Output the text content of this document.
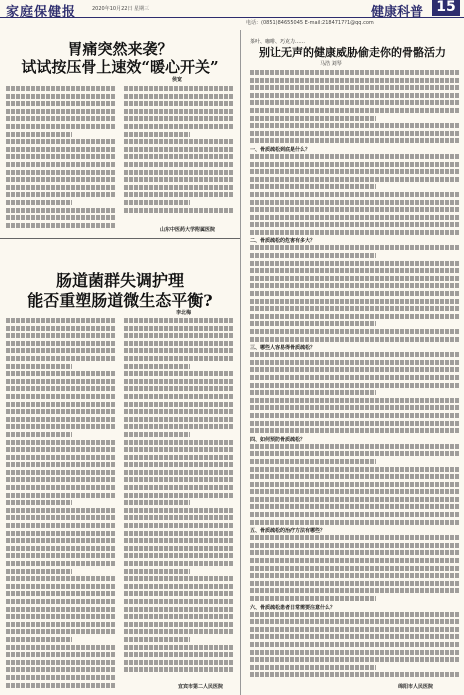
家庭保健报	2020年10月22日 星期三	健康科普 15
电话：(0851)84655045 E-mail:2184717?1@qq.com
胃痛突然来袭？
试试按压骨上速效“暖心开关”
侯宽
山东中医药大学附属医院
肠道菌群失调护理
能否重塑肠道微生态平衡?
李北梅
宜宾市第二人民医院
茶叶、咖啡、巧克力……
别让无声的健康威胁偷走你的骨骼活力
马浩 刘琴
一、骨质疏松到底是什么？
二、骨质疏松的危害有多大？
三、哪些人容易得骨质疏松？
四、如何预防骨质疏松？
五、骨质疏松的治疗方法有哪些？
六、骨质疏松患者日常需要注意什么？
绵阳市人民医院
